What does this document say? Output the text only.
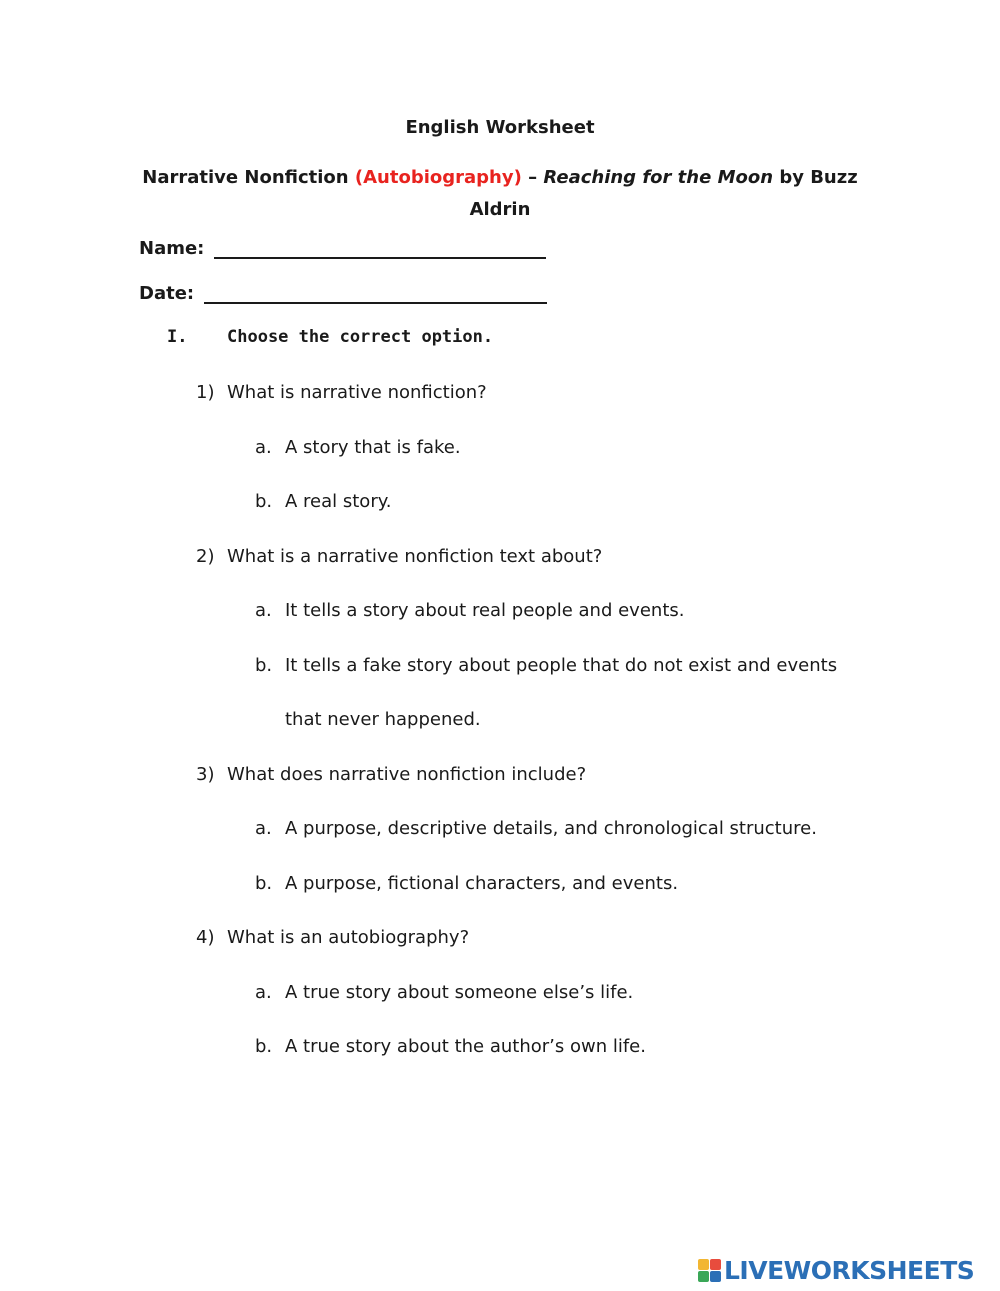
English Worksheet
Narrative Nonfiction (Autobiography) – Reaching for the Moon by Buzz
Aldrin
Name:
Date:
I.	Choose the correct option.
1) What is narrative nonfiction?
a. A story that is fake.
b. A real story.
2) What is a narrative nonfiction text about?
a. It tells a story about real people and events.
b. It tells a fake story about people that do not exist and events
that never happened.
3) What does narrative nonfiction include?
a. A purpose, descriptive details, and chronological structure.
b. A purpose, fictional characters, and events.
4) What is an autobiography?
a. A true story about someone else’s life.
b. A true story about the author’s own life.
LIVEWORKSHEETS
